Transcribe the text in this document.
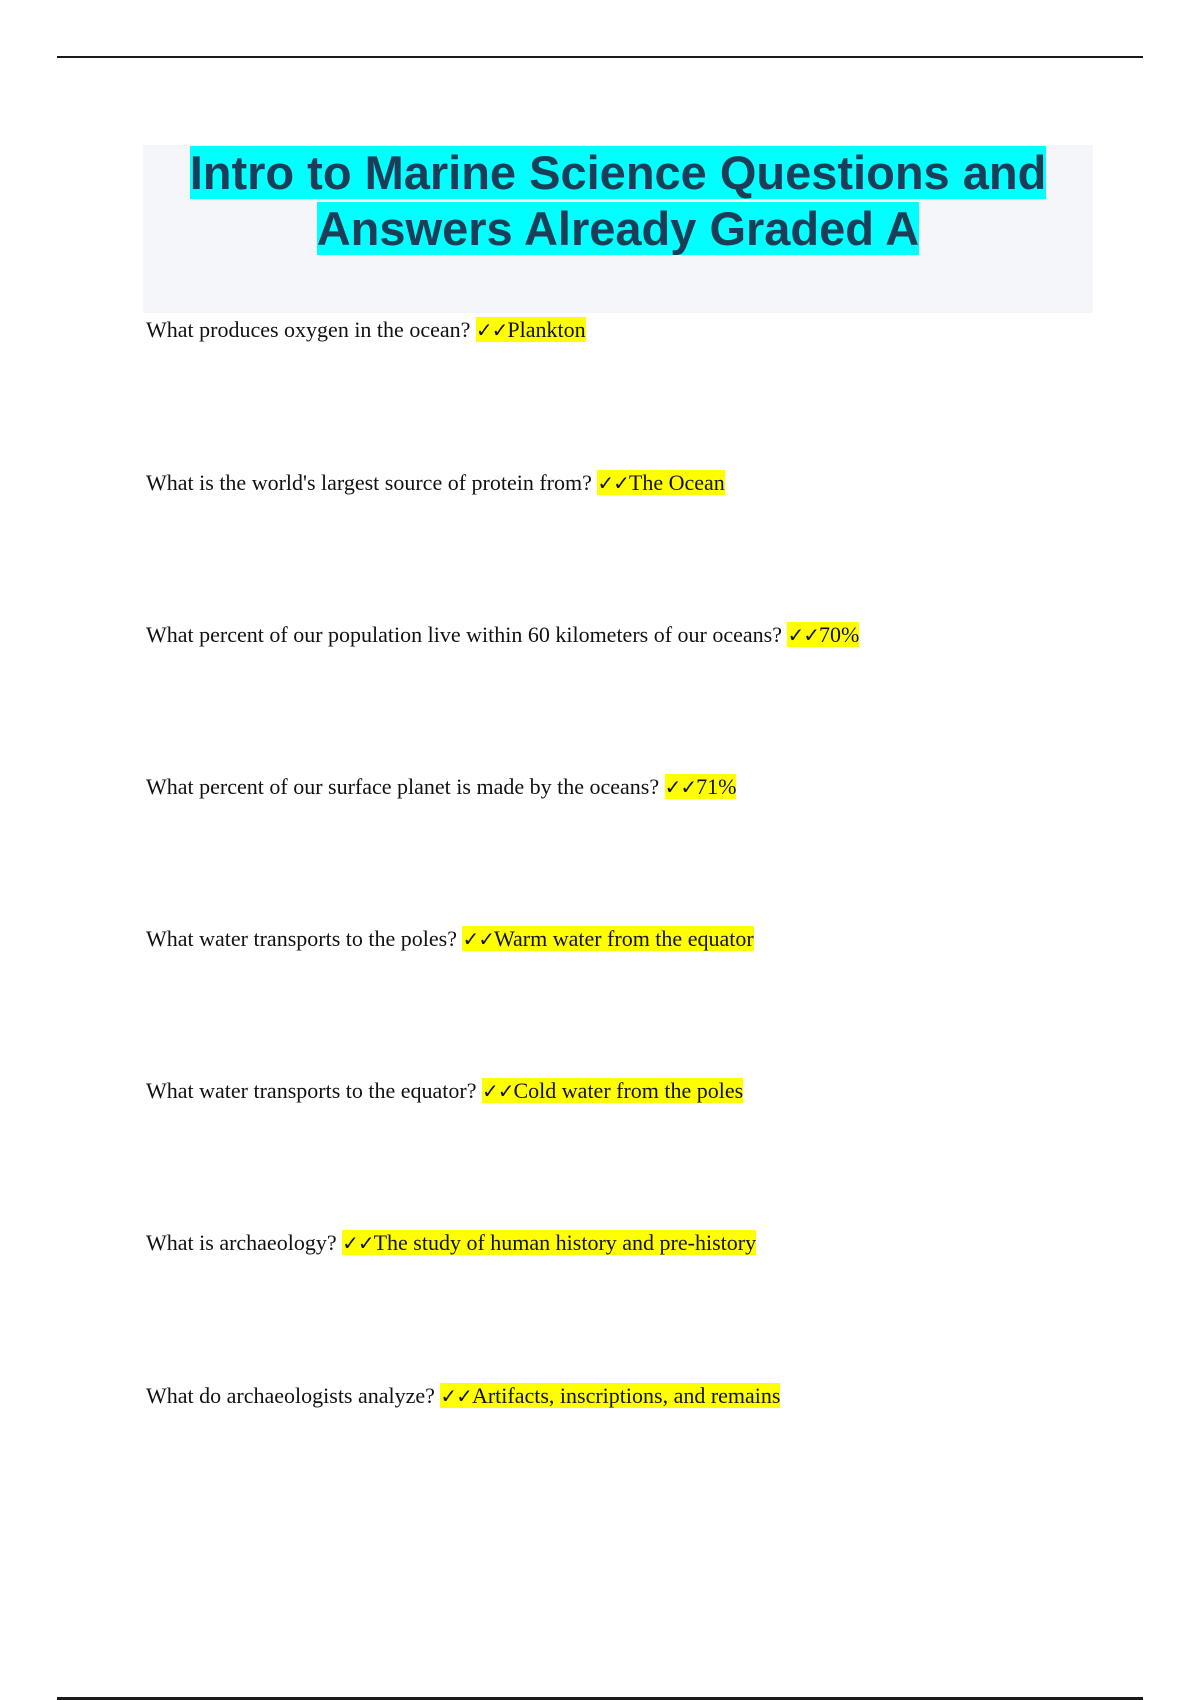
Intro to Marine Science Questions and
Answers Already Graded A

What produces oxygen in the ocean? ✓✓Plankton

What is the world's largest source of protein from? ✓✓The Ocean

What percent of our population live within 60 kilometers of our oceans? ✓✓70%

What percent of our surface planet is made by the oceans? ✓✓71%

What water transports to the poles? ✓✓Warm water from the equator

What water transports to the equator? ✓✓Cold water from the poles

What is archaeology? ✓✓The study of human history and pre-history

What do archaeologists analyze? ✓✓Artifacts, inscriptions, and remains
